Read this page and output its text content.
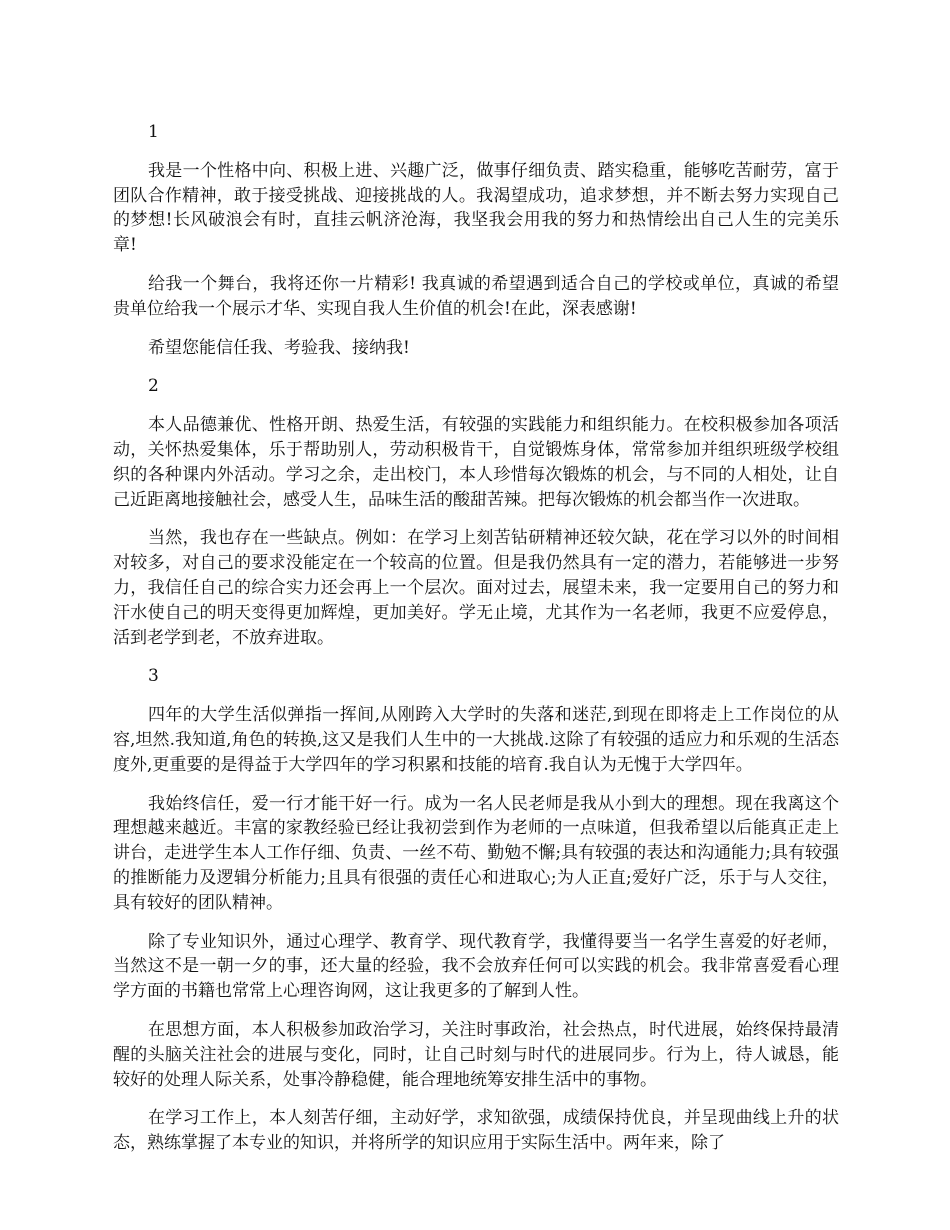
1

我是一个性格中向、积极上进、兴趣广泛，做事仔细负责、踏实稳重，能够吃苦耐劳，富于团队合作精神，敢于接受挑战、迎接挑战的人。我渴望成功，追求梦想，并不断去努力实现自己的梦想!长风破浪会有时，直挂云帆济沧海，我坚我会用我的努力和热情绘出自己人生的完美乐章!

给我一个舞台，我将还你一片精彩! 我真诚的希望遇到适合自己的学校或单位，真诚的希望贵单位给我一个展示才华、实现自我人生价值的机会!在此，深表感谢!

希望您能信任我、考验我、接纳我!

2

本人品德兼优、性格开朗、热爱生活，有较强的实践能力和组织能力。在校积极参加各项活动，关怀热爱集体，乐于帮助别人，劳动积极肯干，自觉锻炼身体，常常参加并组织班级学校组织的各种课内外活动。学习之余，走出校门，本人珍惜每次锻炼的机会，与不同的人相处，让自己近距离地接触社会，感受人生，品味生活的酸甜苦辣。把每次锻炼的机会都当作一次进取。

当然，我也存在一些缺点。例如：在学习上刻苦钻研精神还较欠缺，花在学习以外的时间相对较多，对自己的要求没能定在一个较高的位置。但是我仍然具有一定的潜力，若能够进一步努力，我信任自己的综合实力还会再上一个层次。面对过去，展望未来，我一定要用自己的努力和汗水使自己的明天变得更加辉煌，更加美好。学无止境，尤其作为一名老师，我更不应爱停息，活到老学到老，不放弃进取。

3

四年的大学生活似弹指一挥间,从刚跨入大学时的失落和迷茫,到现在即将走上工作岗位的从容,坦然.我知道,角色的转换,这又是我们人生中的一大挑战.这除了有较强的适应力和乐观的生活态度外,更重要的是得益于大学四年的学习积累和技能的培育.我自认为无愧于大学四年。

我始终信任，爱一行才能干好一行。成为一名人民老师是我从小到大的理想。现在我离这个理想越来越近。丰富的家教经验已经让我初尝到作为老师的一点味道，但我希望以后能真正走上讲台，走进学生本人工作仔细、负责、一丝不苟、勤勉不懈;具有较强的表达和沟通能力;具有较强的推断能力及逻辑分析能力;且具有很强的责任心和进取心;为人正直;爱好广泛，乐于与人交往，具有较好的团队精神。

除了专业知识外，通过心理学、教育学、现代教育学，我懂得要当一名学生喜爱的好老师，当然这不是一朝一夕的事，还大量的经验，我不会放弃任何可以实践的机会。我非常喜爱看心理学方面的书籍也常常上心理咨询网，这让我更多的了解到人性。

在思想方面，本人积极参加政治学习，关注时事政治，社会热点，时代进展，始终保持最清醒的头脑关注社会的进展与变化，同时，让自己时刻与时代的进展同步。行为上，待人诚恳，能较好的处理人际关系，处事冷静稳健，能合理地统筹安排生活中的事物。

在学习工作上，本人刻苦仔细，主动好学，求知欲强，成绩保持优良，并呈现曲线上升的状态，熟练掌握了本专业的知识，并将所学的知识应用于实际生活中。两年来，除了
